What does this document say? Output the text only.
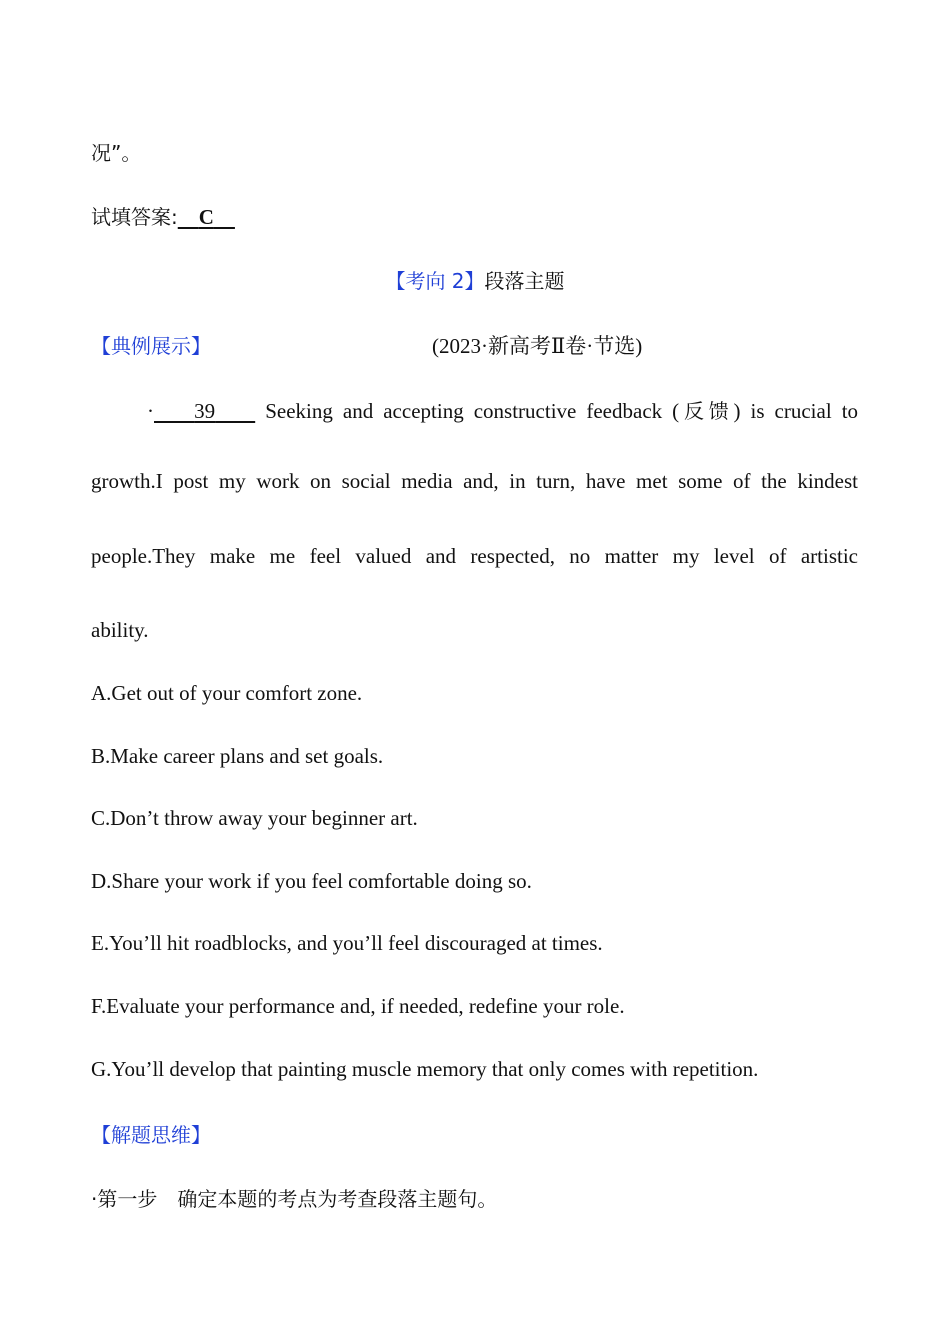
况”。
试填答案: C
【考向 2】段落主题
【典例展示】	(2023·新高考Ⅱ卷·节选)
· 39 Seeking and accepting constructive feedback (反馈) is crucial to
growth.I post my work on social media and, in turn, have met some of the kindest
people.They make me feel valued and respected, no matter my level of artistic
ability.
A.Get out of your comfort zone.
B.Make career plans and set goals.
C.Don’t throw away your beginner art.
D.Share your work if you feel comfortable doing so.
E.You’ll hit roadblocks, and you’ll feel discouraged at times.
F.Evaluate your performance and, if needed, redefine your role.
G.You’ll develop that painting muscle memory that only comes with repetition.
【解题思维】
·第一步　确定本题的考点为考查段落主题句。
